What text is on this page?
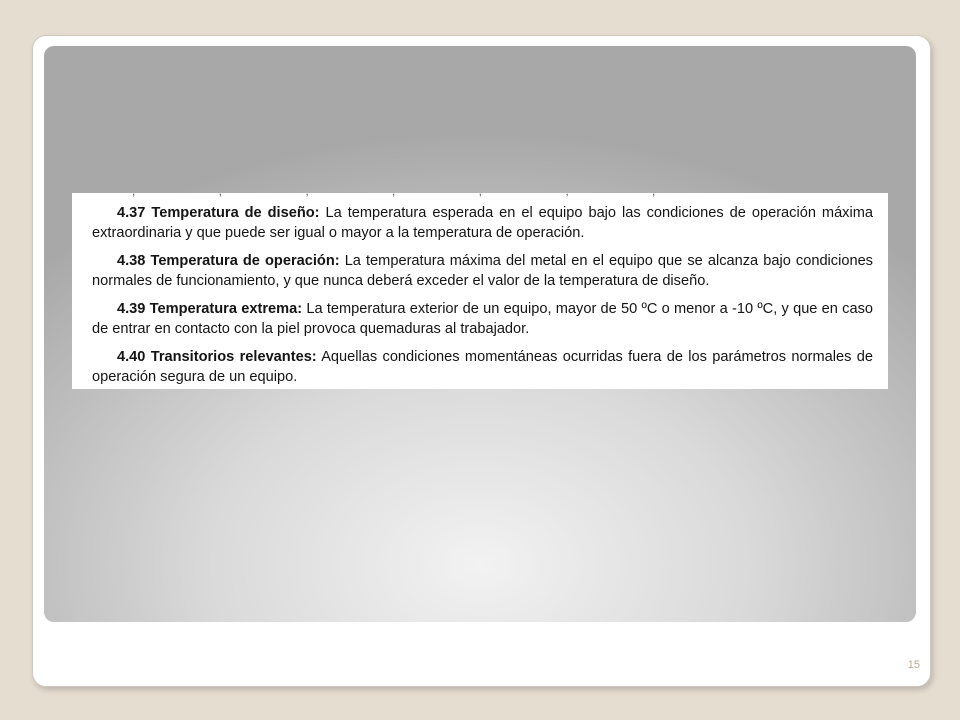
, , , , , , ,

4.37 Temperatura de diseño: La temperatura esperada en el equipo bajo las condiciones de operación máxima extraordinaria y que puede ser igual o mayor a la temperatura de operación.

4.38 Temperatura de operación: La temperatura máxima del metal en el equipo que se alcanza bajo condiciones normales de funcionamiento, y que nunca deberá exceder el valor de la temperatura de diseño.

4.39 Temperatura extrema: La temperatura exterior de un equipo, mayor de 50 ºC o menor a -10 ºC, y que en caso de entrar en contacto con la piel provoca quemaduras al trabajador.

4.40 Transitorios relevantes: Aquellas condiciones momentáneas ocurridas fuera de los parámetros normales de operación segura de un equipo.

15
